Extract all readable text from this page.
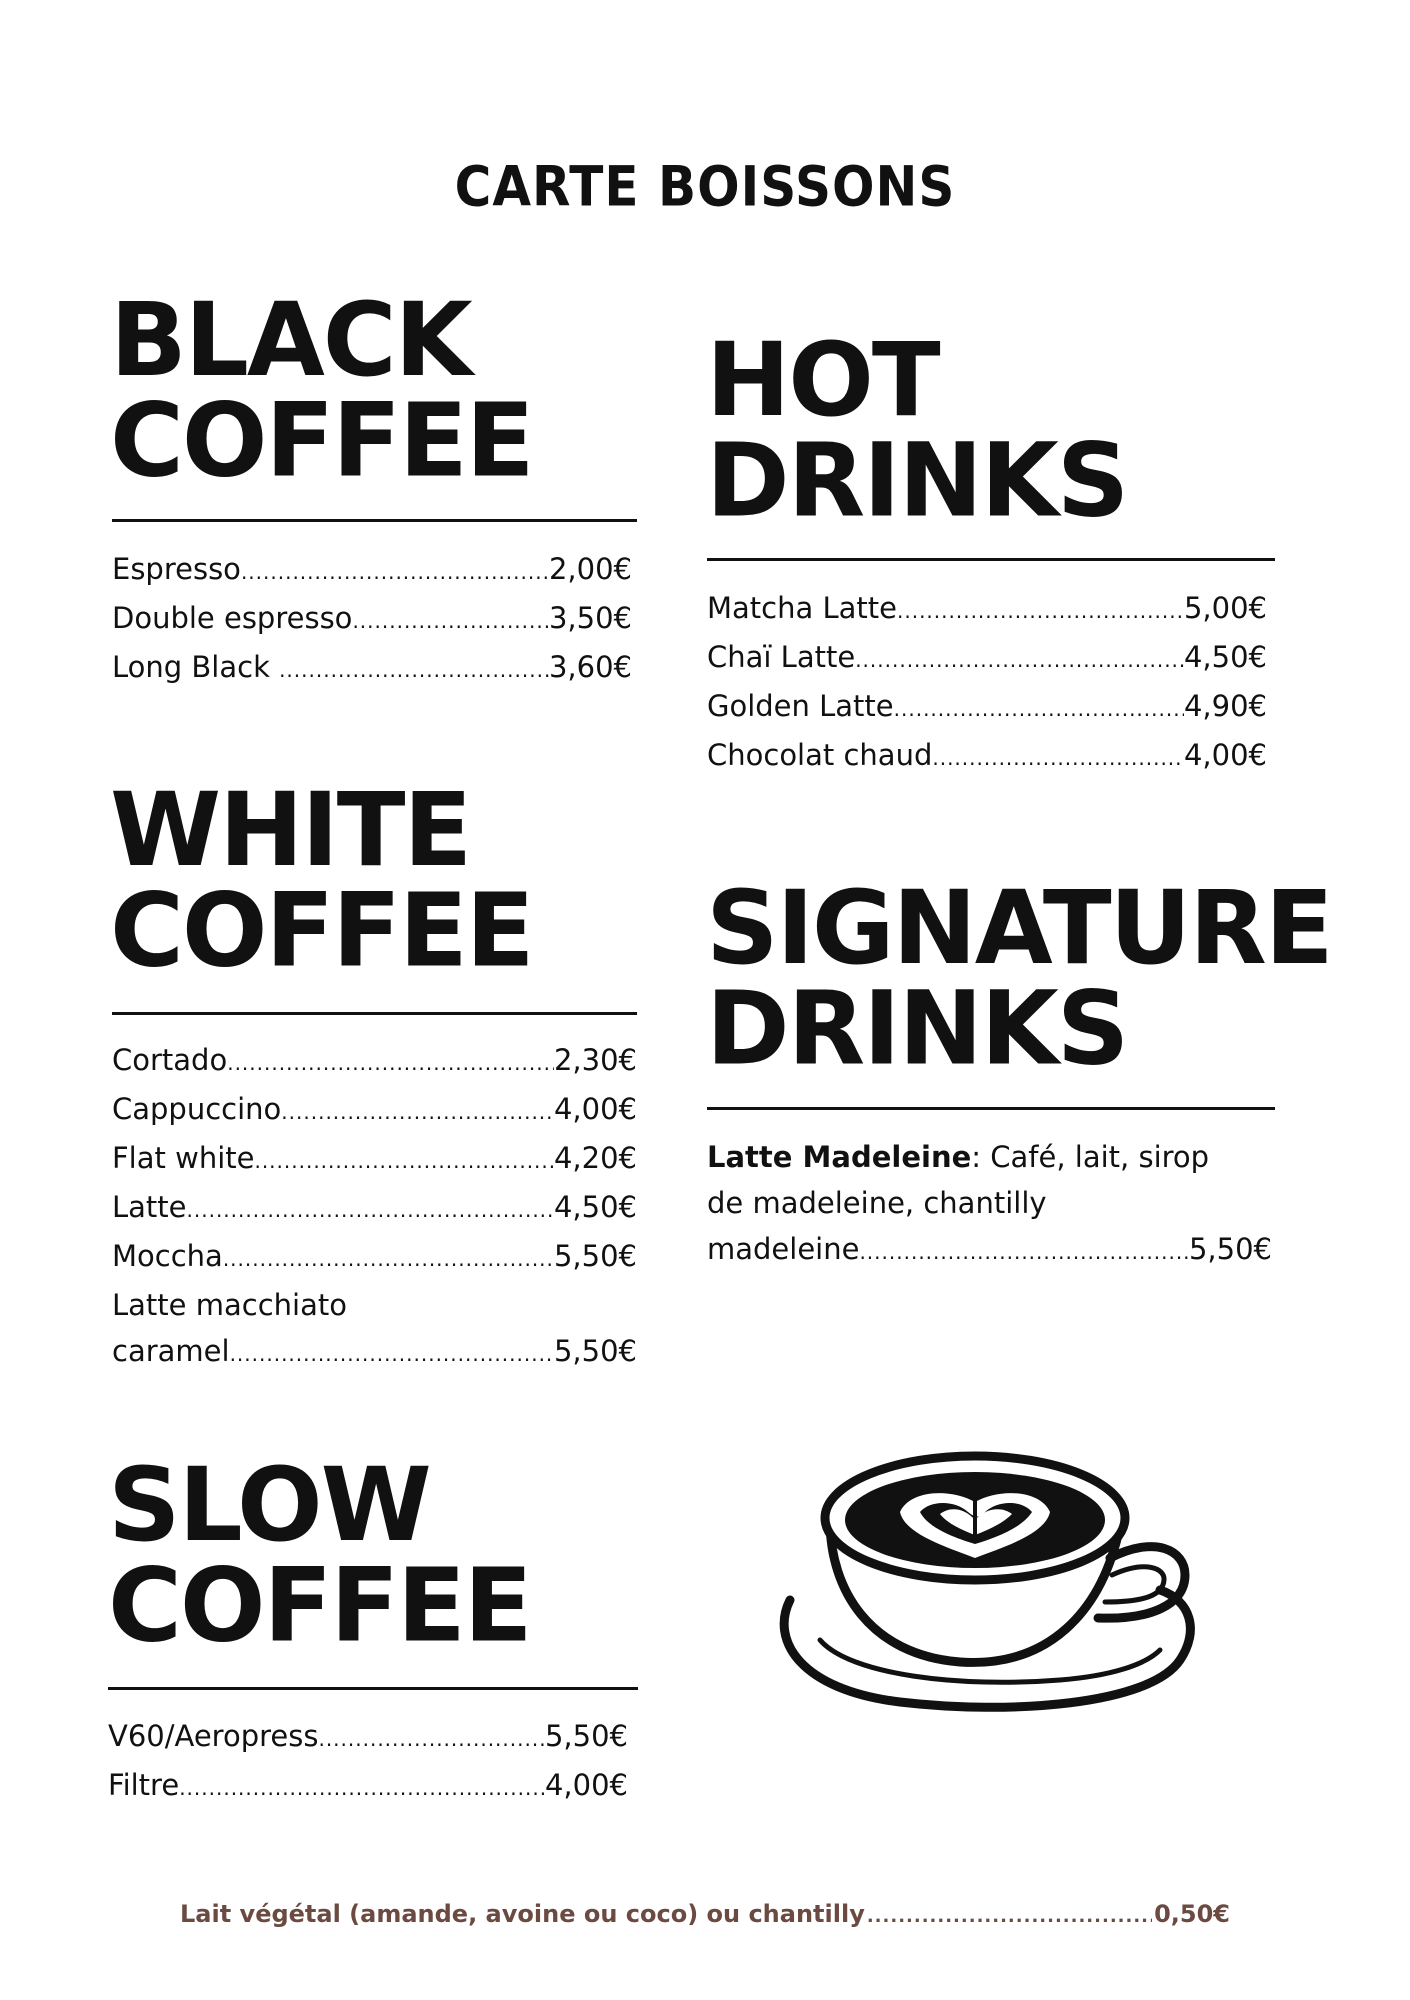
CARTE BOISSONS
BLACK
COFFEE
Espresso .....	2,00€
Double espresso .....	3,50€
Long Black .....	3,60€
HOT
DRINKS
Matcha Latte .....	5,00€
Chaï Latte .....	4,50€
Golden Latte .....	4,90€
Chocolat chaud .....	4,00€
WHITE
COFFEE
Cortado .....	2,30€
Cappuccino .....	4,00€
Flat white .....	4,20€
Latte .....	4,50€
Moccha .....	5,50€
Latte macchiato
caramel .....	5,50€
SIGNATURE
DRINKS
Latte Madeleine: Café, lait, sirop
de madeleine, chantilly
madeleine .....	5,50€
SLOW
COFFEE
V60/Aeropress .....	5,50€
Filtre .....	4,00€
Lait végétal (amande, avoine ou coco) ou chantilly .....	0,50€
